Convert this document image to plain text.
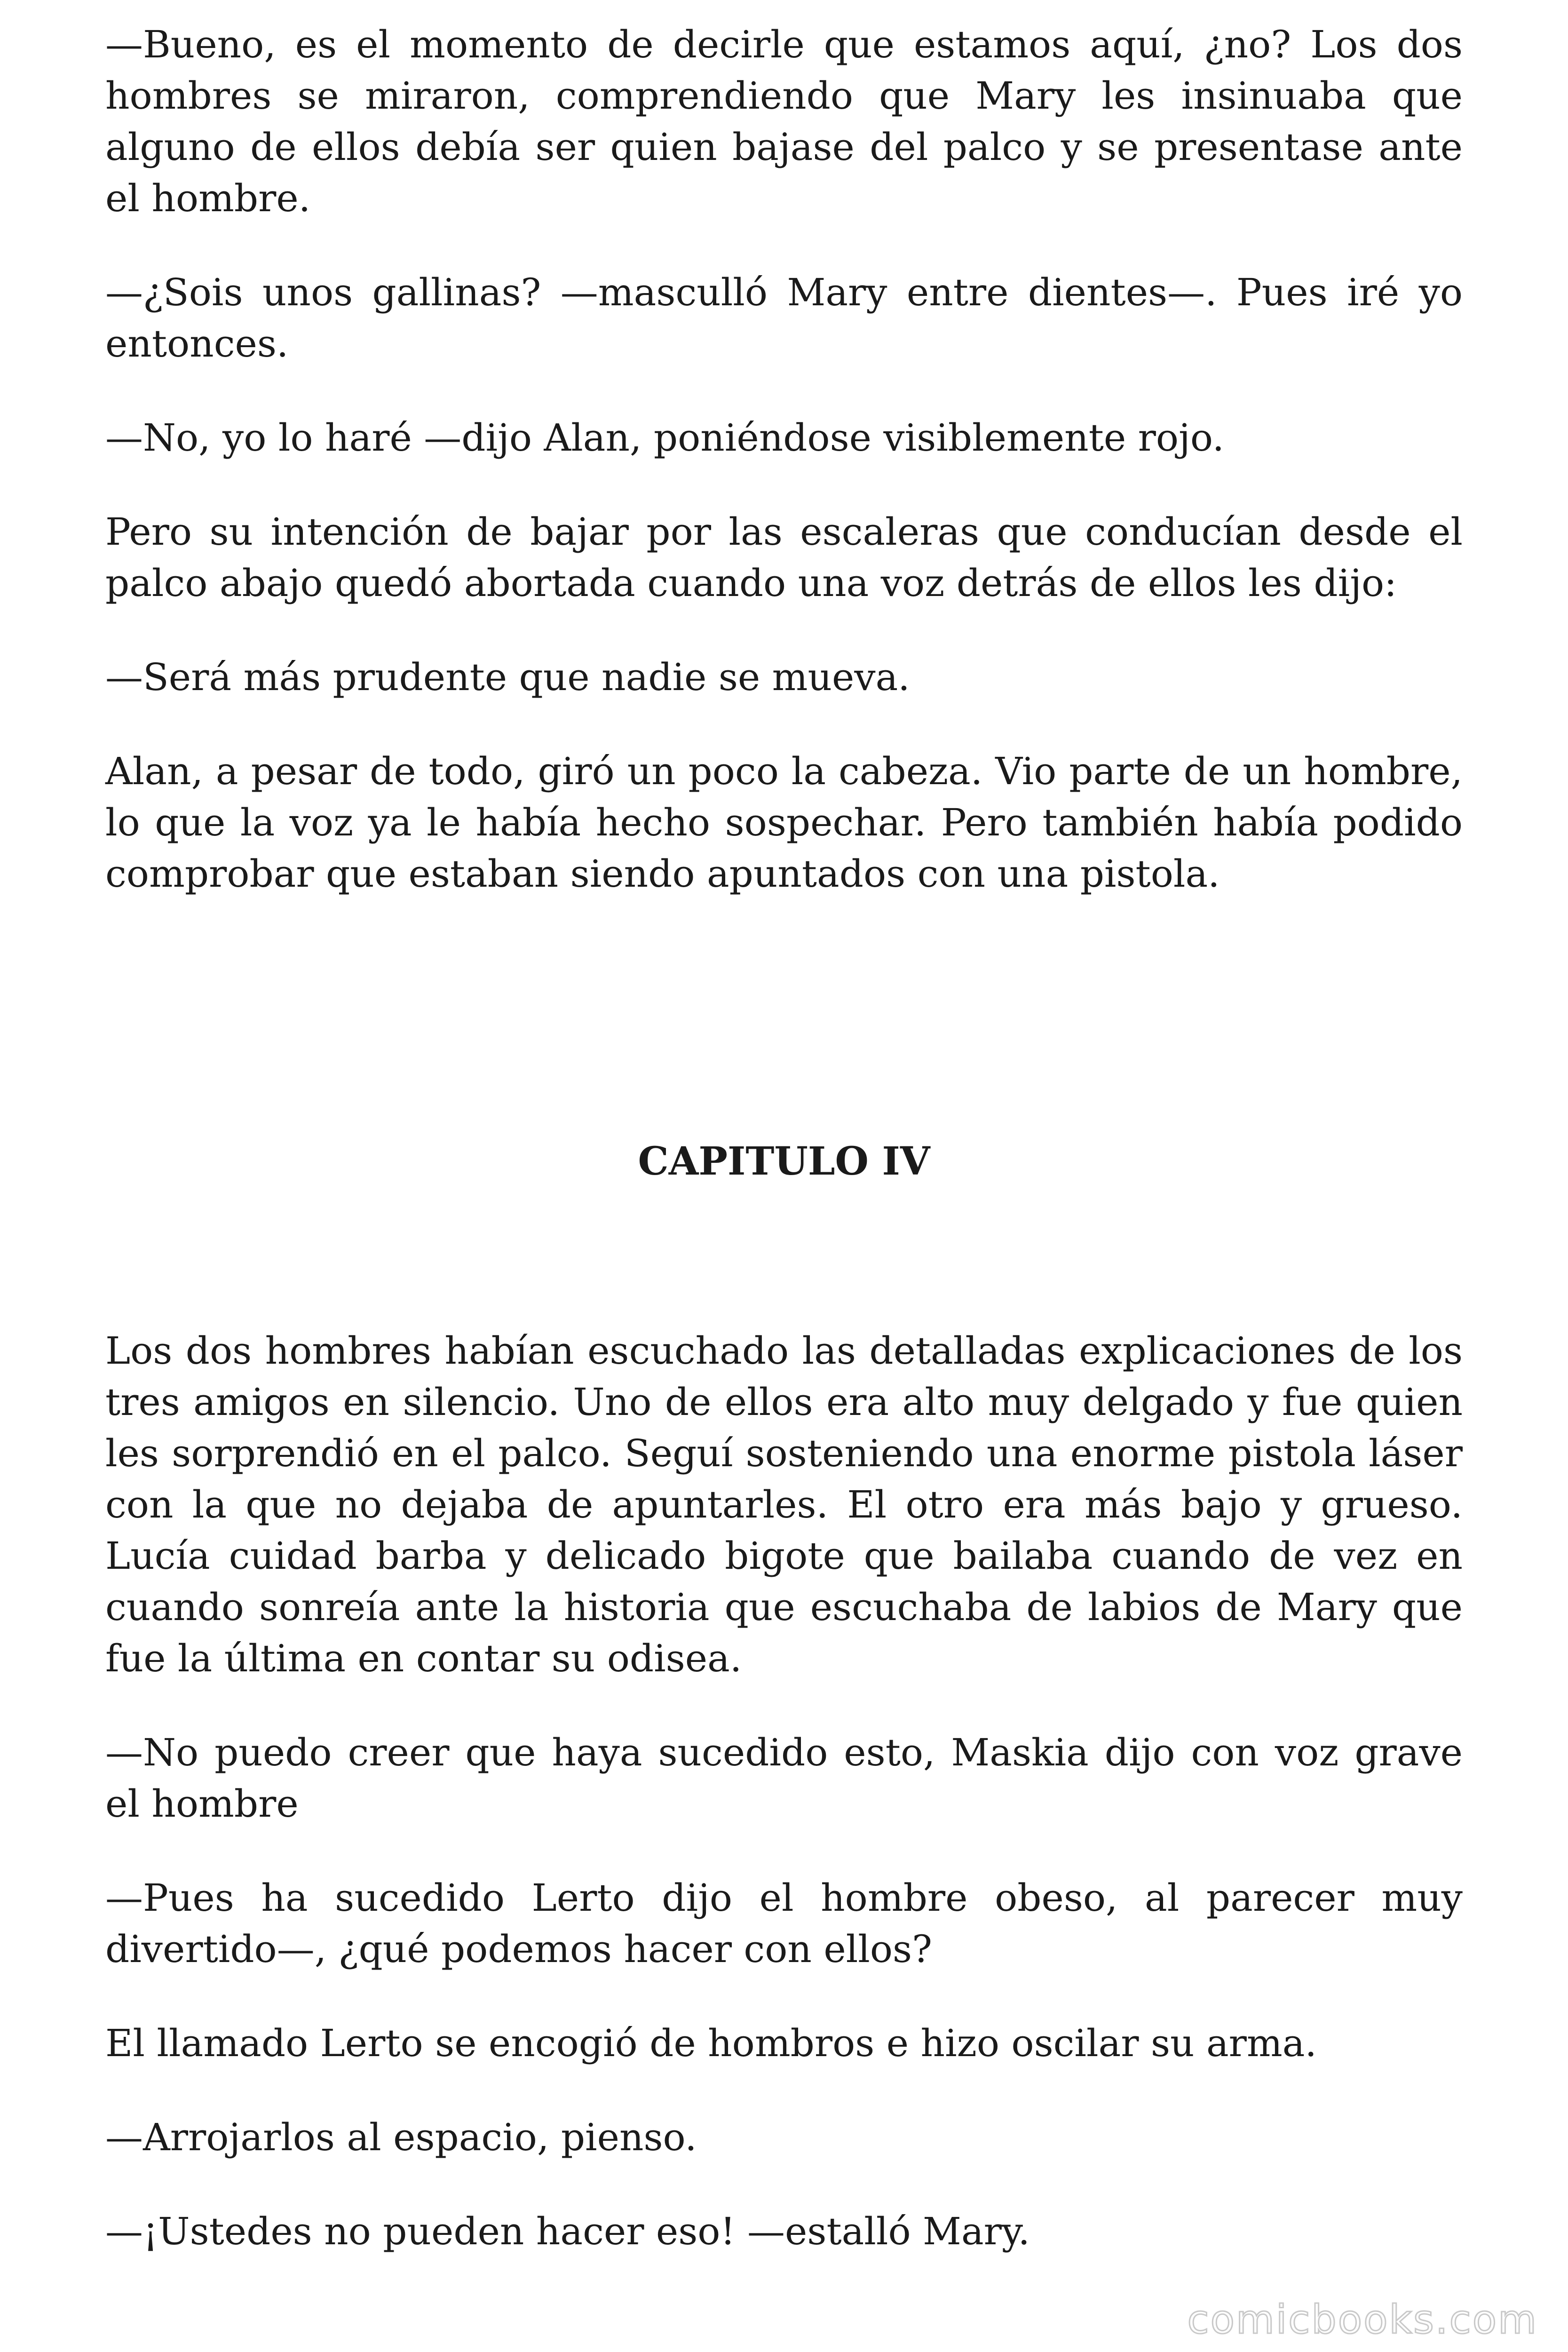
—Bueno, es el momento de decirle que estamos aquí, ¿no? Los dos hombres se miraron, comprendiendo que Mary les insinuaba que alguno de ellos debía ser quien bajase del palco y se presentase ante el hombre.

—¿Sois unos gallinas? —masculló Mary entre dientes—. Pues iré yo entonces.

—No, yo lo haré —dijo Alan, poniéndose visiblemente rojo.

Pero su intención de bajar por las escaleras que conducían desde el palco abajo quedó abortada cuando una voz detrás de ellos les dijo:

—Será más prudente que nadie se mueva.

Alan, a pesar de todo, giró un poco la cabeza. Vio parte de un hombre, lo que la voz ya le había hecho sospechar. Pero también había podido comprobar que estaban siendo apuntados con una pistola.

CAPITULO IV

Los dos hombres habían escuchado las detalladas explicaciones de los tres amigos en silencio. Uno de ellos era alto muy delgado y fue quien les sorprendió en el palco. Seguí sosteniendo una enorme pistola láser con la que no dejaba de apuntarles. El otro era más bajo y grueso. Lucía cuidad barba y delicado bigote que bailaba cuando de vez en cuando sonreía ante la historia que escuchaba de labios de Mary que fue la última en contar su odisea.

—No puedo creer que haya sucedido esto, Maskia dijo con voz grave el hombre

—Pues ha sucedido Lerto dijo el hombre obeso, al parecer muy divertido—, ¿qué podemos hacer con ellos?

El llamado Lerto se encogió de hombros e hizo oscilar su arma.

—Arrojarlos al espacio, pienso.

—¡Ustedes no pueden hacer eso! —estalló Mary.

comicbooks.com
